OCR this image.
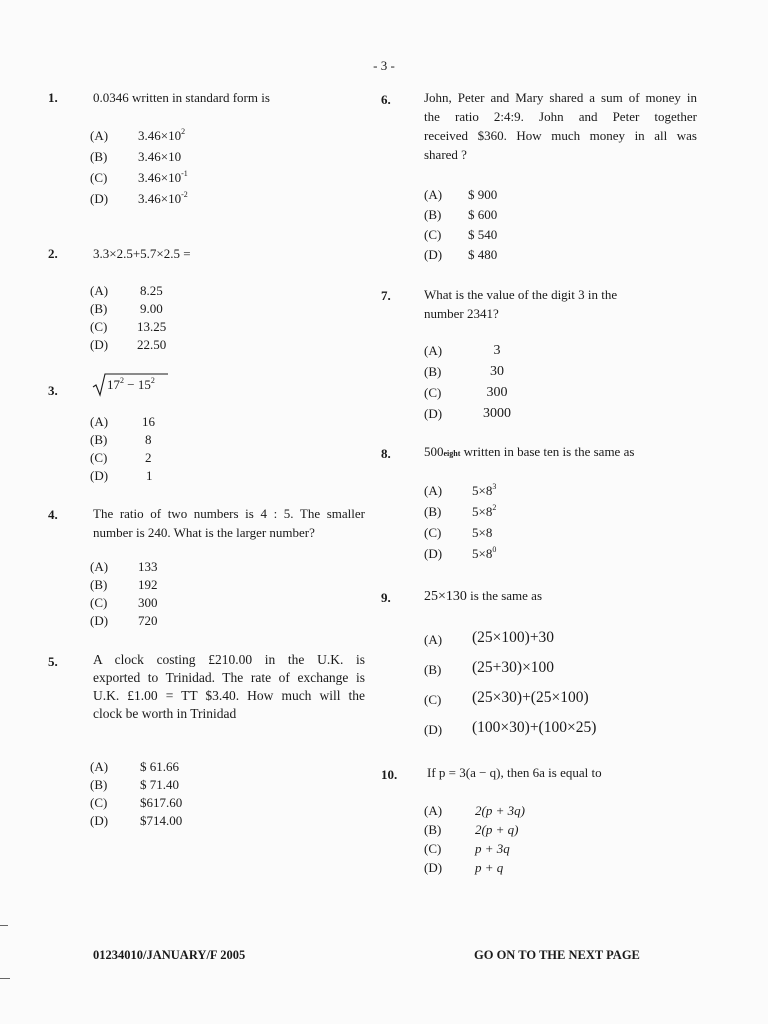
- 3 -
1.	0.0346 written in standard form is
(A) $3.46\times 10^2$
(B) 3.46×10
(C) $3.46\times 10^{-1}$
(D) $3.46\times 10^{-2}$
2.	3.3×2.5+5.7×2.5 =
(A) 8.25
(B)	9.00
(C) 13.25
(D) 22.50
3.	$17^2 - 15^2$
(A)	16
(B)	8
(C)	2
(D)	1
4.	The ratio of two numbers is 4 : 5. The smaller
number is 240. What is the larger number?
(A) 133
(B) 192
(C) 300
(D) 720
5.	A clock costing £210.00 in the U.K. is
exported to Trinidad. The rate of exchange is
U.K. £1.00 = TT $3.40. How much will the
clock be worth in Trinidad
(A) $ 61.66
(B)	$ 71.40
(C)	$617.60
(D) $714.00
6.	John, Peter and Mary shared a sum of money in
the ratio 2:4:9. John and Peter together
received $360. How much money in all was
shared ?
(A) $ 900
(B) $ 600
(C) $ 540
(D) $ 480
7.	What is the value of the digit 3 in the
number 2341?
(A)	3
(B)	30
(C)	300
(D)	3000
8.	500eight written in base ten is the same as
(A) $5\times 8^3$
(B) $5\times 8^2$
(C) 5×8
(D) $5\times 8^0$
9. 25×130 is the same as
(A) (25×100)+30
(B) (25+30)×100
(C) (25×30)+(25×100)
(D) (100×30)+(100×25)
10. If p = 3(a − q), then 6a is equal to
(A)	2(p + 3q)
(B)	2(p + q)
(C)	p + 3q
(D)	p + q
01234010/JANUARY/F 2005	GO ON TO THE NEXT PAGE
